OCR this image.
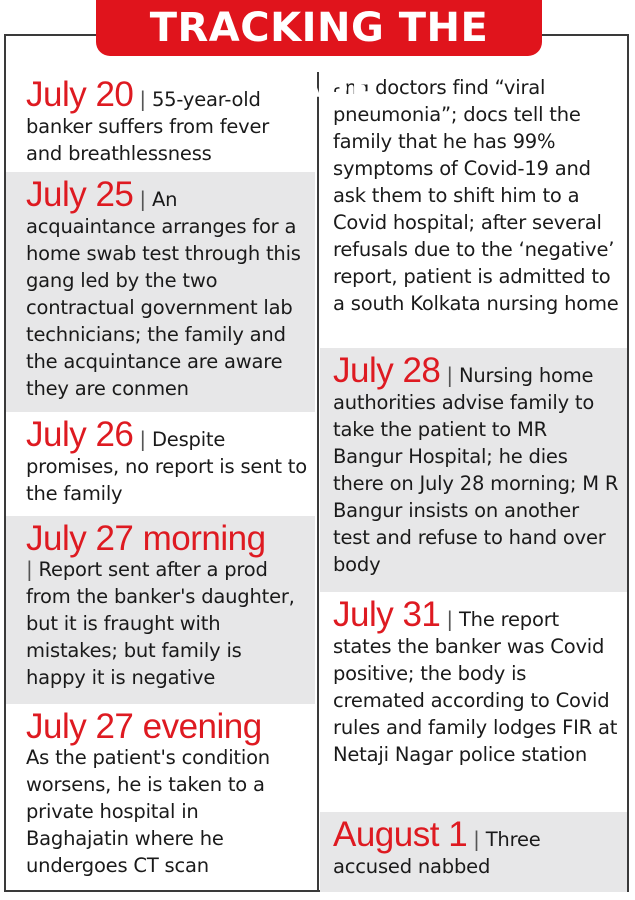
TRACKING THE CASE
July 20 | 55-year-old banker suffers from fever and breathlessness
July 25 | An acquaintance arranges for a home swab test through this gang led by the two contractual government lab technicians; the family and the acquintance are aware they are conmen
July 26 | Despite promises, no report is sent to the family
July 27 morning
| Report sent after a prod from the banker's daughter, but it is fraught with mistakes; but family is happy it is negative
July 27 evening
As the patient's condition worsens, he is taken to a private hospital in Baghajatin where he undergoes CT scan
and doctors find “viral pneumonia”; docs tell the family that he has 99% symptoms of Covid-19 and ask them to shift him to a Covid hospital; after several refusals due to the ‘negative’ report, patient is admitted to a south Kolkata nursing home
July 28 | Nursing home authorities advise family to take the patient to MR Bangur Hospital; he dies there on July 28 morning; M R Bangur insists on another test and refuse to hand over body
July 31 | The report states the banker was Covid positive; the body is cremated according to Covid rules and family lodges FIR at Netaji Nagar police station
August 1 | Three accused nabbed
